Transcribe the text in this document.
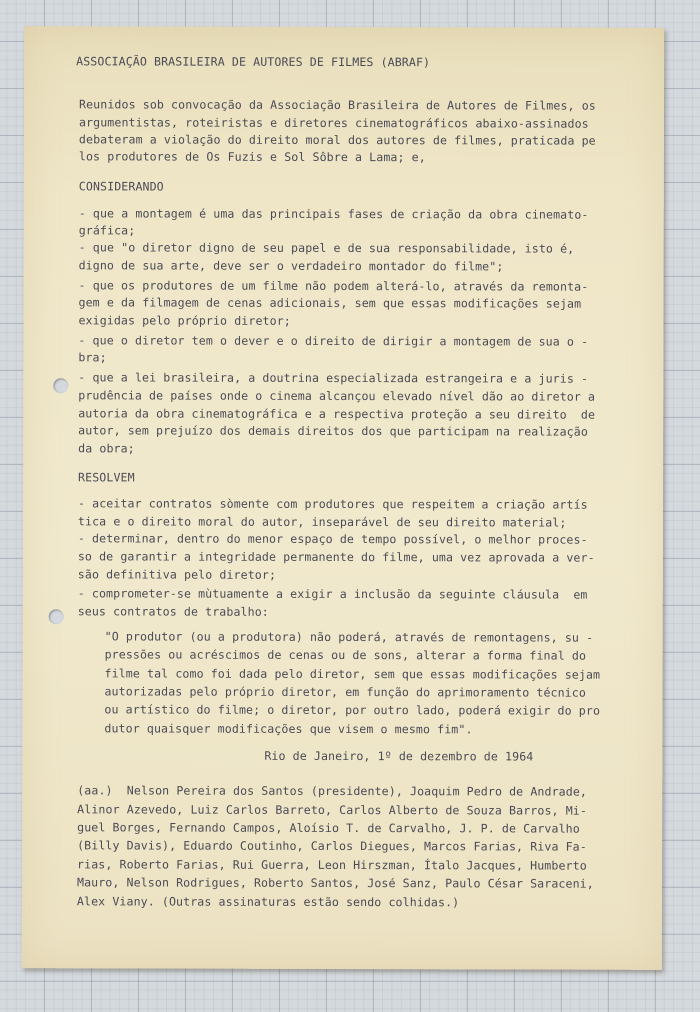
ASSOCIAÇÃO BRASILEIRA DE AUTORES DE FILMES (ABRAF)
Reunidos sob convocação da Associação Brasileira de Autores de Filmes, os
argumentistas, roteiristas e diretores cinematográficos abaixo-assinados
debateram a violação do direito moral dos autores de filmes, praticada pe
los produtores de Os Fuzis e Sol Sôbre a Lama; e,
CONSIDERANDO
- que a montagem é uma das principais fases de criação da obra cinemato-
gráfica;
- que "o diretor digno de seu papel e de sua responsabilidade, isto é,
digno de sua arte, deve ser o verdadeiro montador do filme";
- que os produtores de um filme não podem alterá-lo, através da remonta-
gem e da filmagem de cenas adicionais, sem que essas modificações sejam
exigidas pelo próprio diretor;
- que o diretor tem o dever e o direito de dirigir a montagem de sua o -
bra;
- que a lei brasileira, a doutrina especializada estrangeira e a juris -
prudência de países onde o cinema alcançou elevado nível dão ao diretor a
autoria da obra cinematográfica e a respectiva proteção a seu direito  de
autor, sem prejuízo dos demais direitos dos que participam na realização
da obra;
RESOLVEM
- aceitar contratos sòmente com produtores que respeitem a criação artís
tica e o direito moral do autor, inseparável de seu direito material;
- determinar, dentro do menor espaço de tempo possível, o melhor proces-
so de garantir a integridade permanente do filme, uma vez aprovada a ver-
são definitiva pelo diretor;
- comprometer-se mùtuamente a exigir a inclusão da seguinte cláusula  em
seus contratos de trabalho:
"O produtor (ou a produtora) não poderá, através de remontagens, su -
pressões ou acréscimos de cenas ou de sons, alterar a forma final do
filme tal como foi dada pelo diretor, sem que essas modificações sejam
autorizadas pelo próprio diretor, em função do aprimoramento técnico
ou artístico do filme; o diretor, por outro lado, poderá exigir do pro
dutor quaisquer modificações que visem o mesmo fim".
Rio de Janeiro, 1º de dezembro de 1964
(aa.)  Nelson Pereira dos Santos (presidente), Joaquim Pedro de Andrade,
Alinor Azevedo, Luiz Carlos Barreto, Carlos Alberto de Souza Barros, Mi-
guel Borges, Fernando Campos, Aloísio T. de Carvalho, J. P. de Carvalho
(Billy Davis), Eduardo Coutinho, Carlos Diegues, Marcos Farias, Riva Fa-
rias, Roberto Farias, Rui Guerra, Leon Hirszman, Ítalo Jacques, Humberto
Mauro, Nelson Rodrigues, Roberto Santos, José Sanz, Paulo César Saraceni,
Alex Viany. (Outras assinaturas estão sendo colhidas.)
